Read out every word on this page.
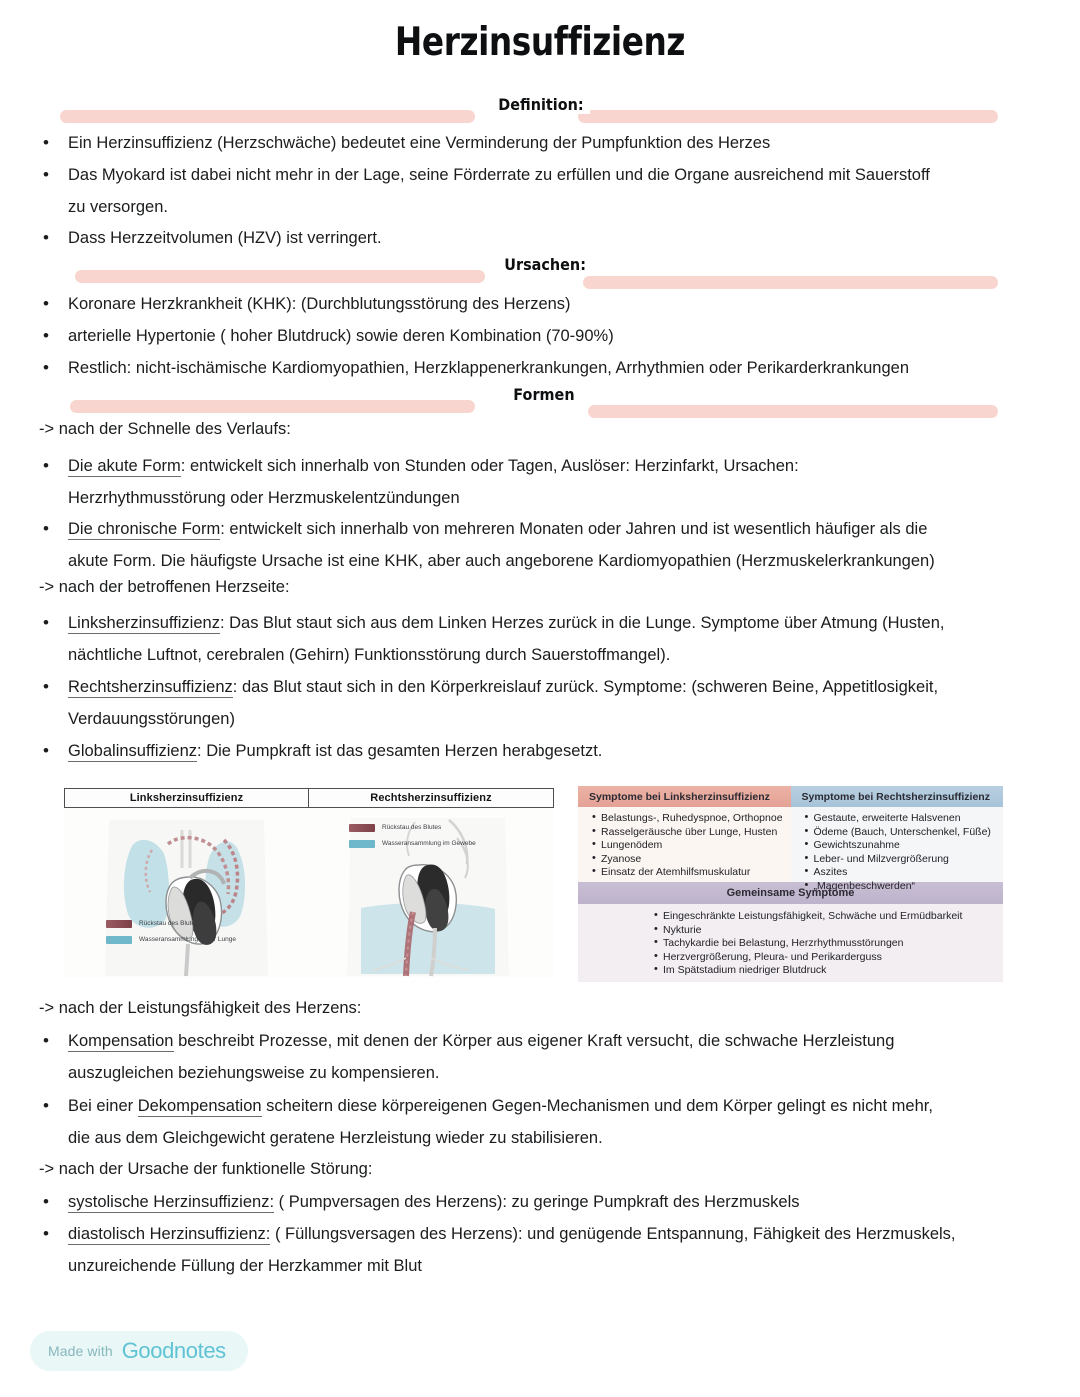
Herzinsuffizienz
Definition:
• Ein Herzinsuffizienz (Herzschwäche) bedeutet eine Verminderung der Pumpfunktion des Herzes
• Das Myokard ist dabei nicht mehr in der Lage, seine Förderrate zu erfüllen und die Organe ausreichend mit Sauerstoff
zu versorgen.
• Dass Herzzeitvolumen (HZV) ist verringert.
Ursachen:
• Koronare Herzkrankheit (KHK): (Durchblutungsstörung des Herzens)
• arterielle Hypertonie ( hoher Blutdruck) sowie deren Kombination (70-90%)
• Restlich: nicht-ischämische Kardiomyopathien, Herzklappenerkrankungen, Arrhythmien oder Perikarderkrankungen
Formen
-> nach der Schnelle des Verlaufs:
• Die akute Form: entwickelt sich innerhalb von Stunden oder Tagen, Auslöser: Herzinfarkt, Ursachen:
Herzrhythmusstörung oder Herzmuskelentzündungen
• Die chronische Form: entwickelt sich innerhalb von mehreren Monaten oder Jahren und ist wesentlich häufiger als die
akute Form. Die häufigste Ursache ist eine KHK, aber auch angeborene Kardiomyopathien (Herzmuskelerkrankungen)
-> nach der betroffenen Herzseite:
• Linksherzinsuffizienz: Das Blut staut sich aus dem Linken Herzes zurück in die Lunge. Symptome über Atmung (Husten,
nächtliche Luftnot, cerebralen (Gehirn) Funktionsstörung durch Sauerstoffmangel).
• Rechtsherzinsuffizienz: das Blut staut sich in den Körperkreislauf zurück. Symptome: (schweren Beine, Appetitlosigkeit,
Verdauungsstörungen)
• Globalinsuffizienz: Die Pumpkraft ist das gesamten Herzen herabgesetzt.
Linksherzinsuffizienz	Rechtsherzinsuffizienz
Rückstau des Blutes
Wasseransammlung in der Lunge
Rückstau des Blutes
Wasseransammlung im Gewebe
Symptome bei Linksherzinsuffizienz
• Belastungs-, Ruhedyspnoe, Orthopnoe
• Rasselgeräusche über Lunge, Husten
• Lungenödem
• Zyanose
• Einsatz der Atemhilfsmuskulatur
Symptome bei Rechtsherzinsuffizienz
• Gestaute, erweiterte Halsvenen
• Ödeme (Bauch, Unterschenkel, Füße)
• Gewichtszunahme
• Leber- und Milzvergrößerung
• Aszites
• „Magenbeschwerden“
Gemeinsame Symptome
• Eingeschränkte Leistungsfähigkeit, Schwäche und Ermüdbarkeit
• Nykturie
• Tachykardie bei Belastung, Herzrhythmusstörungen
• Herzvergrößerung, Pleura- und Perikarderguss
• Im Spätstadium niedriger Blutdruck
-> nach der Leistungsfähigkeit des Herzens:
• Kompensation beschreibt Prozesse, mit denen der Körper aus eigener Kraft versucht, die schwache Herzleistung
auszugleichen beziehungsweise zu kompensieren.
• Bei einer Dekompensation scheitern diese körpereigenen Gegen-Mechanismen und dem Körper gelingt es nicht mehr,
die aus dem Gleichgewicht geratene Herzleistung wieder zu stabilisieren.
-> nach der Ursache der funktionelle Störung:
• systolische Herzinsuffizienz: ( Pumpversagen des Herzens): zu geringe Pumpkraft des Herzmuskels
• diastolisch Herzinsuffizienz: ( Füllungsversagen des Herzens): und genügende Entspannung, Fähigkeit des Herzmuskels,
unzureichende Füllung der Herzkammer mit Blut
Made with Goodnotes
